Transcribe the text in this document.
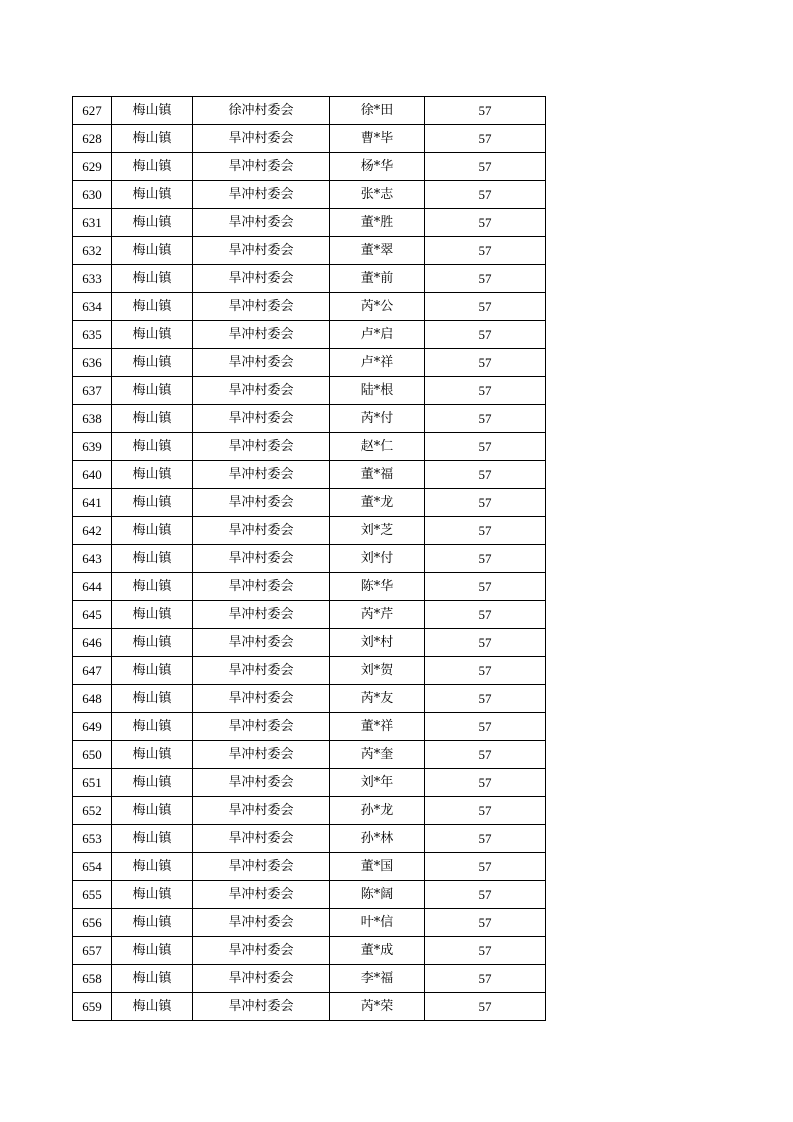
627	梅山镇	徐冲村委会	徐*田	57
628	梅山镇	旱冲村委会	曹*毕	57
629	梅山镇	旱冲村委会	杨*华	57
630	梅山镇	旱冲村委会	张*志	57
631	梅山镇	旱冲村委会	董*胜	57
632	梅山镇	旱冲村委会	董*翠	57
633	梅山镇	旱冲村委会	董*前	57
634	梅山镇	旱冲村委会	芮*公	57
635	梅山镇	旱冲村委会	卢*启	57
636	梅山镇	旱冲村委会	卢*祥	57
637	梅山镇	旱冲村委会	陆*根	57
638	梅山镇	旱冲村委会	芮*付	57
639	梅山镇	旱冲村委会	赵*仁	57
640	梅山镇	旱冲村委会	董*福	57
641	梅山镇	旱冲村委会	董*龙	57
642	梅山镇	旱冲村委会	刘*芝	57
643	梅山镇	旱冲村委会	刘*付	57
644	梅山镇	旱冲村委会	陈*华	57
645	梅山镇	旱冲村委会	芮*芹	57
646	梅山镇	旱冲村委会	刘*村	57
647	梅山镇	旱冲村委会	刘*贺	57
648	梅山镇	旱冲村委会	芮*友	57
649	梅山镇	旱冲村委会	董*祥	57
650	梅山镇	旱冲村委会	芮*奎	57
651	梅山镇	旱冲村委会	刘*年	57
652	梅山镇	旱冲村委会	孙*龙	57
653	梅山镇	旱冲村委会	孙*林	57
654	梅山镇	旱冲村委会	董*国	57
655	梅山镇	旱冲村委会	陈*阔	57
656	梅山镇	旱冲村委会	叶*信	57
657	梅山镇	旱冲村委会	董*成	57
658	梅山镇	旱冲村委会	李*福	57
659	梅山镇	旱冲村委会	芮*荣	57
